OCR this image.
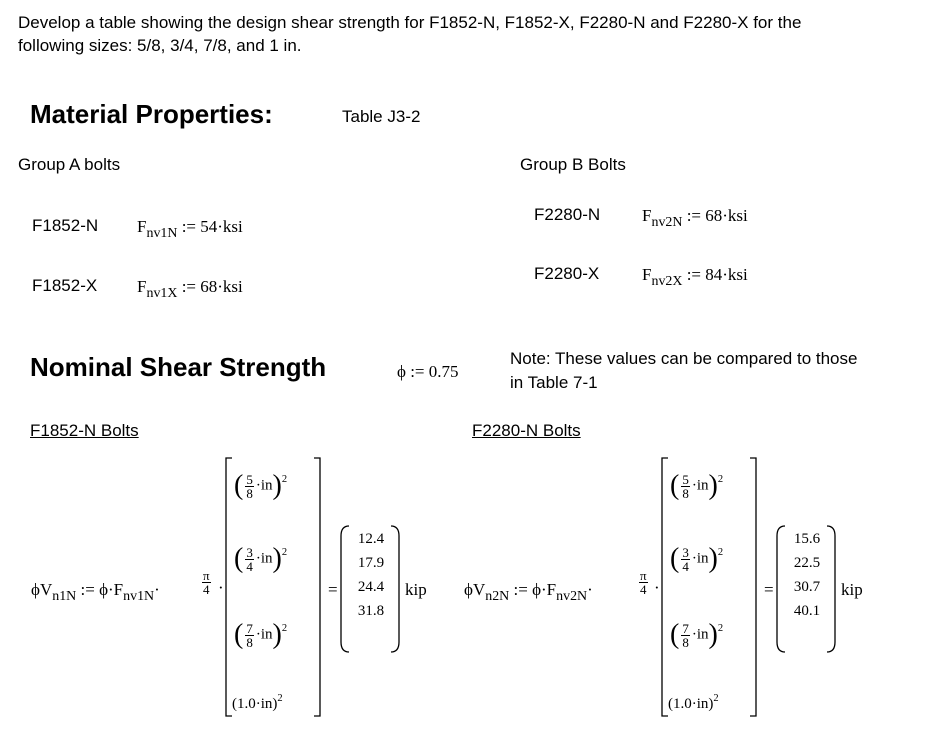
Develop a table showing the design shear strength for F1852-N, F1852-X, F2280-N and F2280-X for the
following sizes: 5/8, 3/4, 7/8, and 1 in.
Material Properties:	Table J3-2
Group A bolts	Group B Bolts
F1852-N $F_{nv1N}$ := 54·ksi
F1852-X $F_{nv1X}$ := 68·ksi
F2280-N $F_{nv2N}$ := 68·ksi
F2280-X	$F_{nv2X}$ := 84·ksi
Nominal Shear Strength	ϕ := 0.75
Note: These values can be compared to those
in Table 7-1
F1852-N Bolts	F2280-N Bolts
$\phi V_{n1N}$ := $\phi\cdot F_{nv1N}\cdot$	$\frac{\pi}{4}$ ·
( $\frac{5}{8} \cdot in)^2$
( $\frac{3}{4} \cdot in)^2$
( $\frac{7}{8} \cdot in)^2$
$(1.0\cdot in)^2$
=
12.4
17.9
24.4
31.8
kip $\phi V_{n2N}$ := $\phi\cdot F_{nv2N}\cdot$	$\frac{\pi}{4}$ ·
( $\frac{5}{8} \cdot in)^2$
( $\frac{3}{4} \cdot in)^2$
( $\frac{7}{8} \cdot in)^2$
$(1.0\cdot in)^2$
=
15.6
22.5
30.7
40.1
kip
